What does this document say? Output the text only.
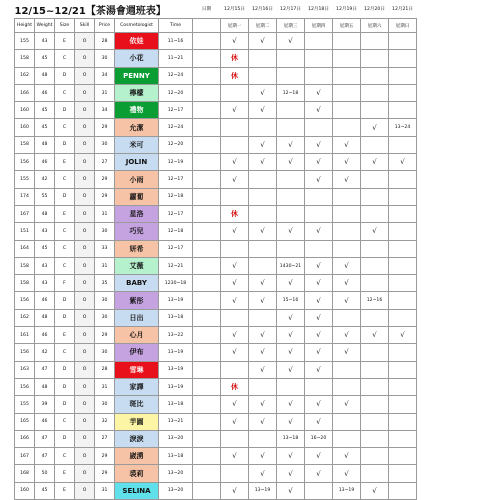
12/15~12/21【茶湯會週班表】							日期	12月15日	12月16日	12月17日	12月18日	12月19日	12月20日	12月21日
Height	Weight	Size	Skill	Price	Cosmetologist	Time		星期一	星期二	星期三	星期四	星期五	星期六	星期日
155	43	E	O	28	依娃	11~16		√	√	√				
158	45	C	O	30	小花	11~21		休						
162	48	D	O	34	PENNY	12~24		休						
166	46	C	O	31	檸檬	12~20			√	12~18	√			
160	45	D	O	34	禮物	12~17		√	√		√			
160	45	C	O	29	允潔	12~24							√	13~24
158	48	D	O	30	米可	12~20			√	√	√	√		
156	46	E	O	27	JOLIN	12~19		√	√	√	√	√	√	√
155	42	C	O	29	小雨	12~17		√			√	√		
174	55	D	O	29	蘿蔔	12~18								
167	48	E	O	31	星洛	12~17		休						
151	43	C	O	30	巧兒	12~18		√	√	√	√		√	
164	45	C	O	33	妍希	12~17								
158	43	C	O	31	艾薇	12~21		√		1430~21	√	√		
158	43	F	O	35	BABY	1230~18		√	√	√	√	√		
156	46	D	O	30	紫彤	13~19		√	√	15~16	√	√	12~16	
162	48	D	O	30	日出	13~18				√	√			
161	46	E	O	29	心月	13~22		√	√	√	√	√	√	√
156	42	C	O	30	伊布	13~19		√	√	√	√	√		
163	47	D	O	28	雪琳	13~19			√	√	√			
156	48	D	O	31	家譯	13~19		休						
155	39	D	O	30	斑比	13~18		√	√	√	√	√		
165	46	C	O	32	芋圓	13~21		√	√	√	√			
166	47	D	O	27	淚淚	13~20				13~18	16~20			
167	47	C	O	29	崴湧	13~18		√	√	√	√	√		
168	50	E	O	29	裘莉	13~20			√	√	√	√		
160	45	E	O	31	SELINA	13~20		√	13~19	√		13~19	√	
